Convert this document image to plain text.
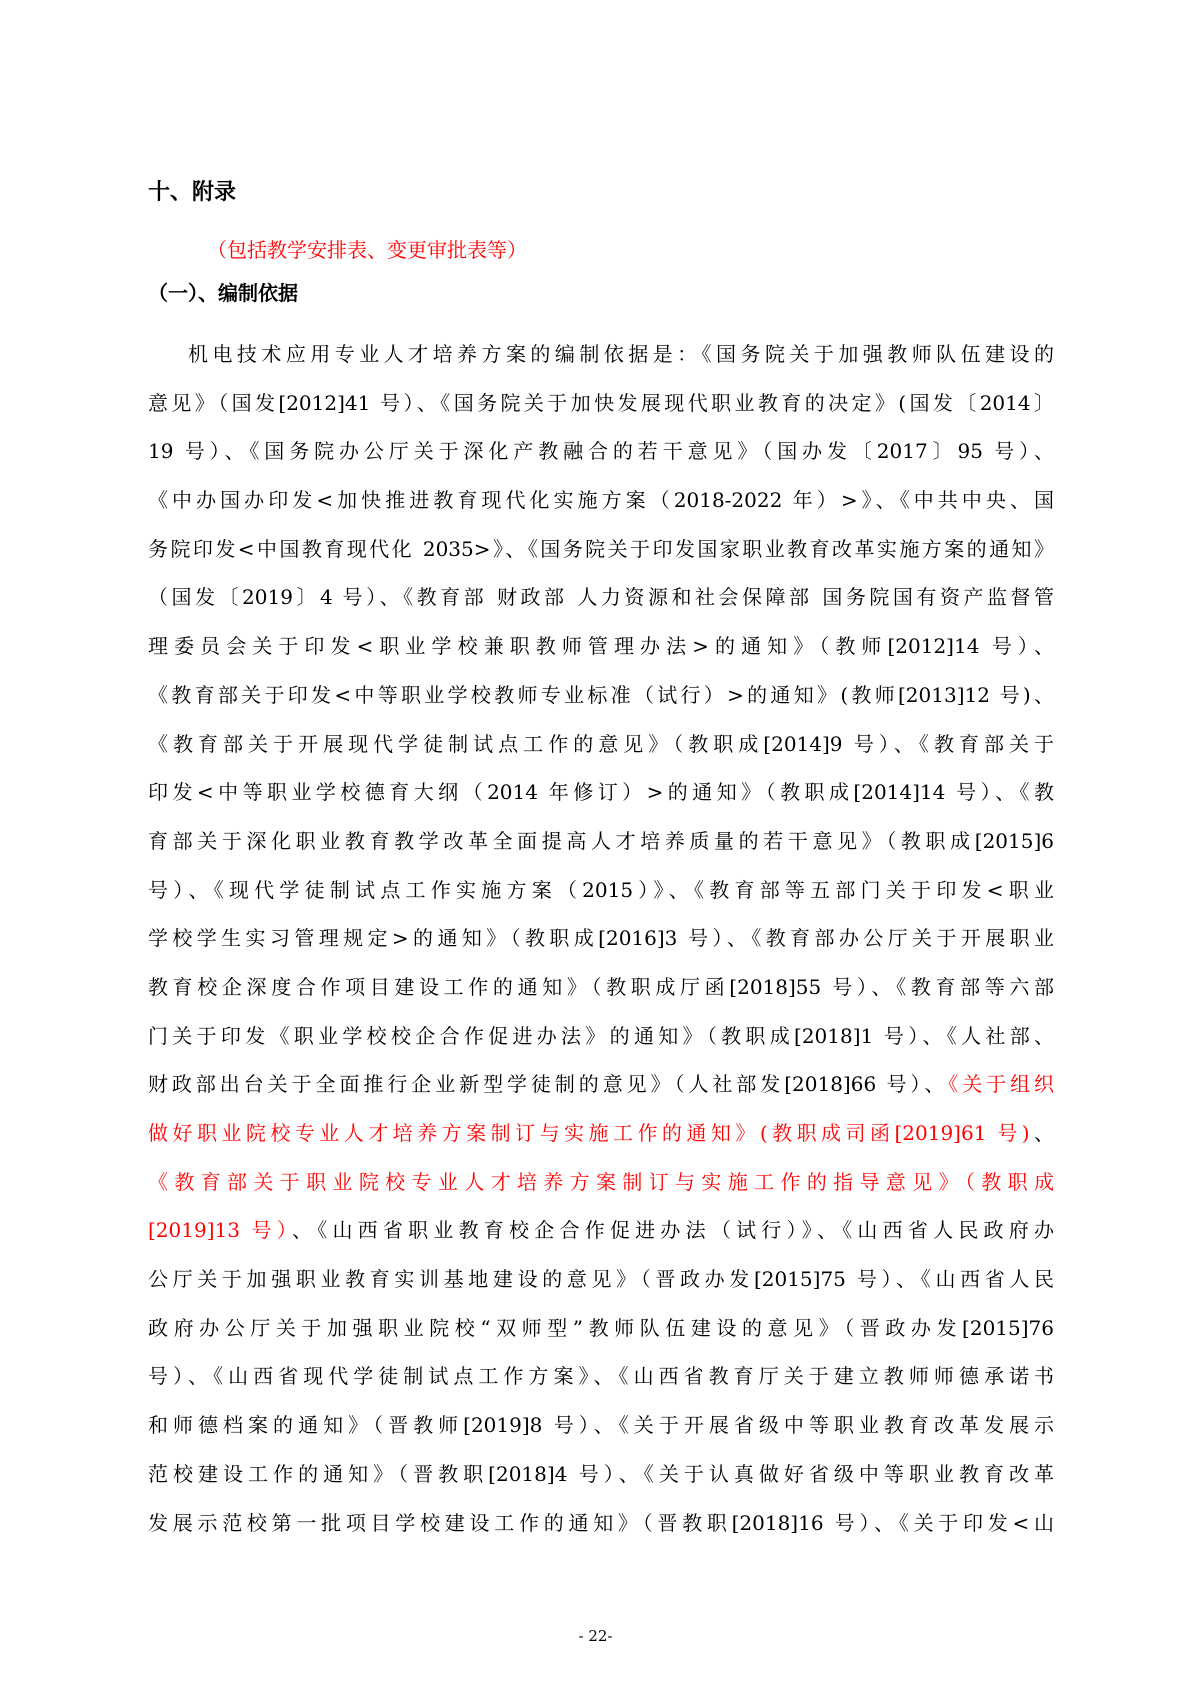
十、附录
（包括教学安排表、变更审批表等）
（一）、编制依据
机电技术应用专业人才培养方案的编制依据是：《国务院关于加强教师队伍建设的
意见》（国发[2012]41 号）、《国务院关于加快发展现代职业教育的决定》(国发〔2014〕
19 号）、《国务院办公厅关于深化产教融合的若干意见》（国办发〔2017〕95 号）、
《中办国办印发<加快推进教育现代化实施方案（2018-2022 年）>》、《中共中央、国
务院印发<中国教育现代化 2035>》、《国务院关于印发国家职业教育改革实施方案的通知》
（国发〔2019〕4 号）、《教育部 财政部 人力资源和社会保障部 国务院国有资产监督管
理委员会关于印发<职业学校兼职教师管理办法>的通知》（教师[2012]14 号）、
《教育部关于印发<中等职业学校教师专业标准（试行）>的通知》(教师[2013]12 号)、
《教育部关于开展现代学徒制试点工作的意见》（教职成[2014]9 号）、《教育部关于
印发<中等职业学校德育大纲（2014 年修订）>的通知》（教职成[2014]14 号）、《教
育部关于深化职业教育教学改革全面提高人才培养质量的若干意见》（教职成[2015]6
号）、《现代学徒制试点工作实施方案（2015）》、《教育部等五部门关于印发<职业
学校学生实习管理规定>的通知》（教职成[2016]3 号）、《教育部办公厅关于开展职业
教育校企深度合作项目建设工作的通知》（教职成厅函[2018]55 号）、《教育部等六部
门关于印发《职业学校校企合作促进办法》的通知》（教职成[2018]1 号）、《人社部、
财政部出台关于全面推行企业新型学徒制的意见》（人社部发[2018]66 号）、《关于组织
做好职业院校专业人才培养方案制订与实施工作的通知》(教职成司函[2019]61 号)、
《教育部关于职业院校专业人才培养方案制订与实施工作的指导意见》（教职成
[2019]13 号）、《山西省职业教育校企合作促进办法（试行）》、《山西省人民政府办
公厅关于加强职业教育实训基地建设的意见》（晋政办发[2015]75 号）、《山西省人民
政府办公厅关于加强职业院校“双师型”教师队伍建设的意见》（晋政办发[2015]76
号）、《山西省现代学徒制试点工作方案》、《山西省教育厅关于建立教师师德承诺书
和师德档案的通知》（晋教师[2019]8 号）、《关于开展省级中等职业教育改革发展示
范校建设工作的通知》（晋教职[2018]4 号）、《关于认真做好省级中等职业教育改革
发展示范校第一批项目学校建设工作的通知》（晋教职[2018]16 号）、《关于印发<山
- 22-
